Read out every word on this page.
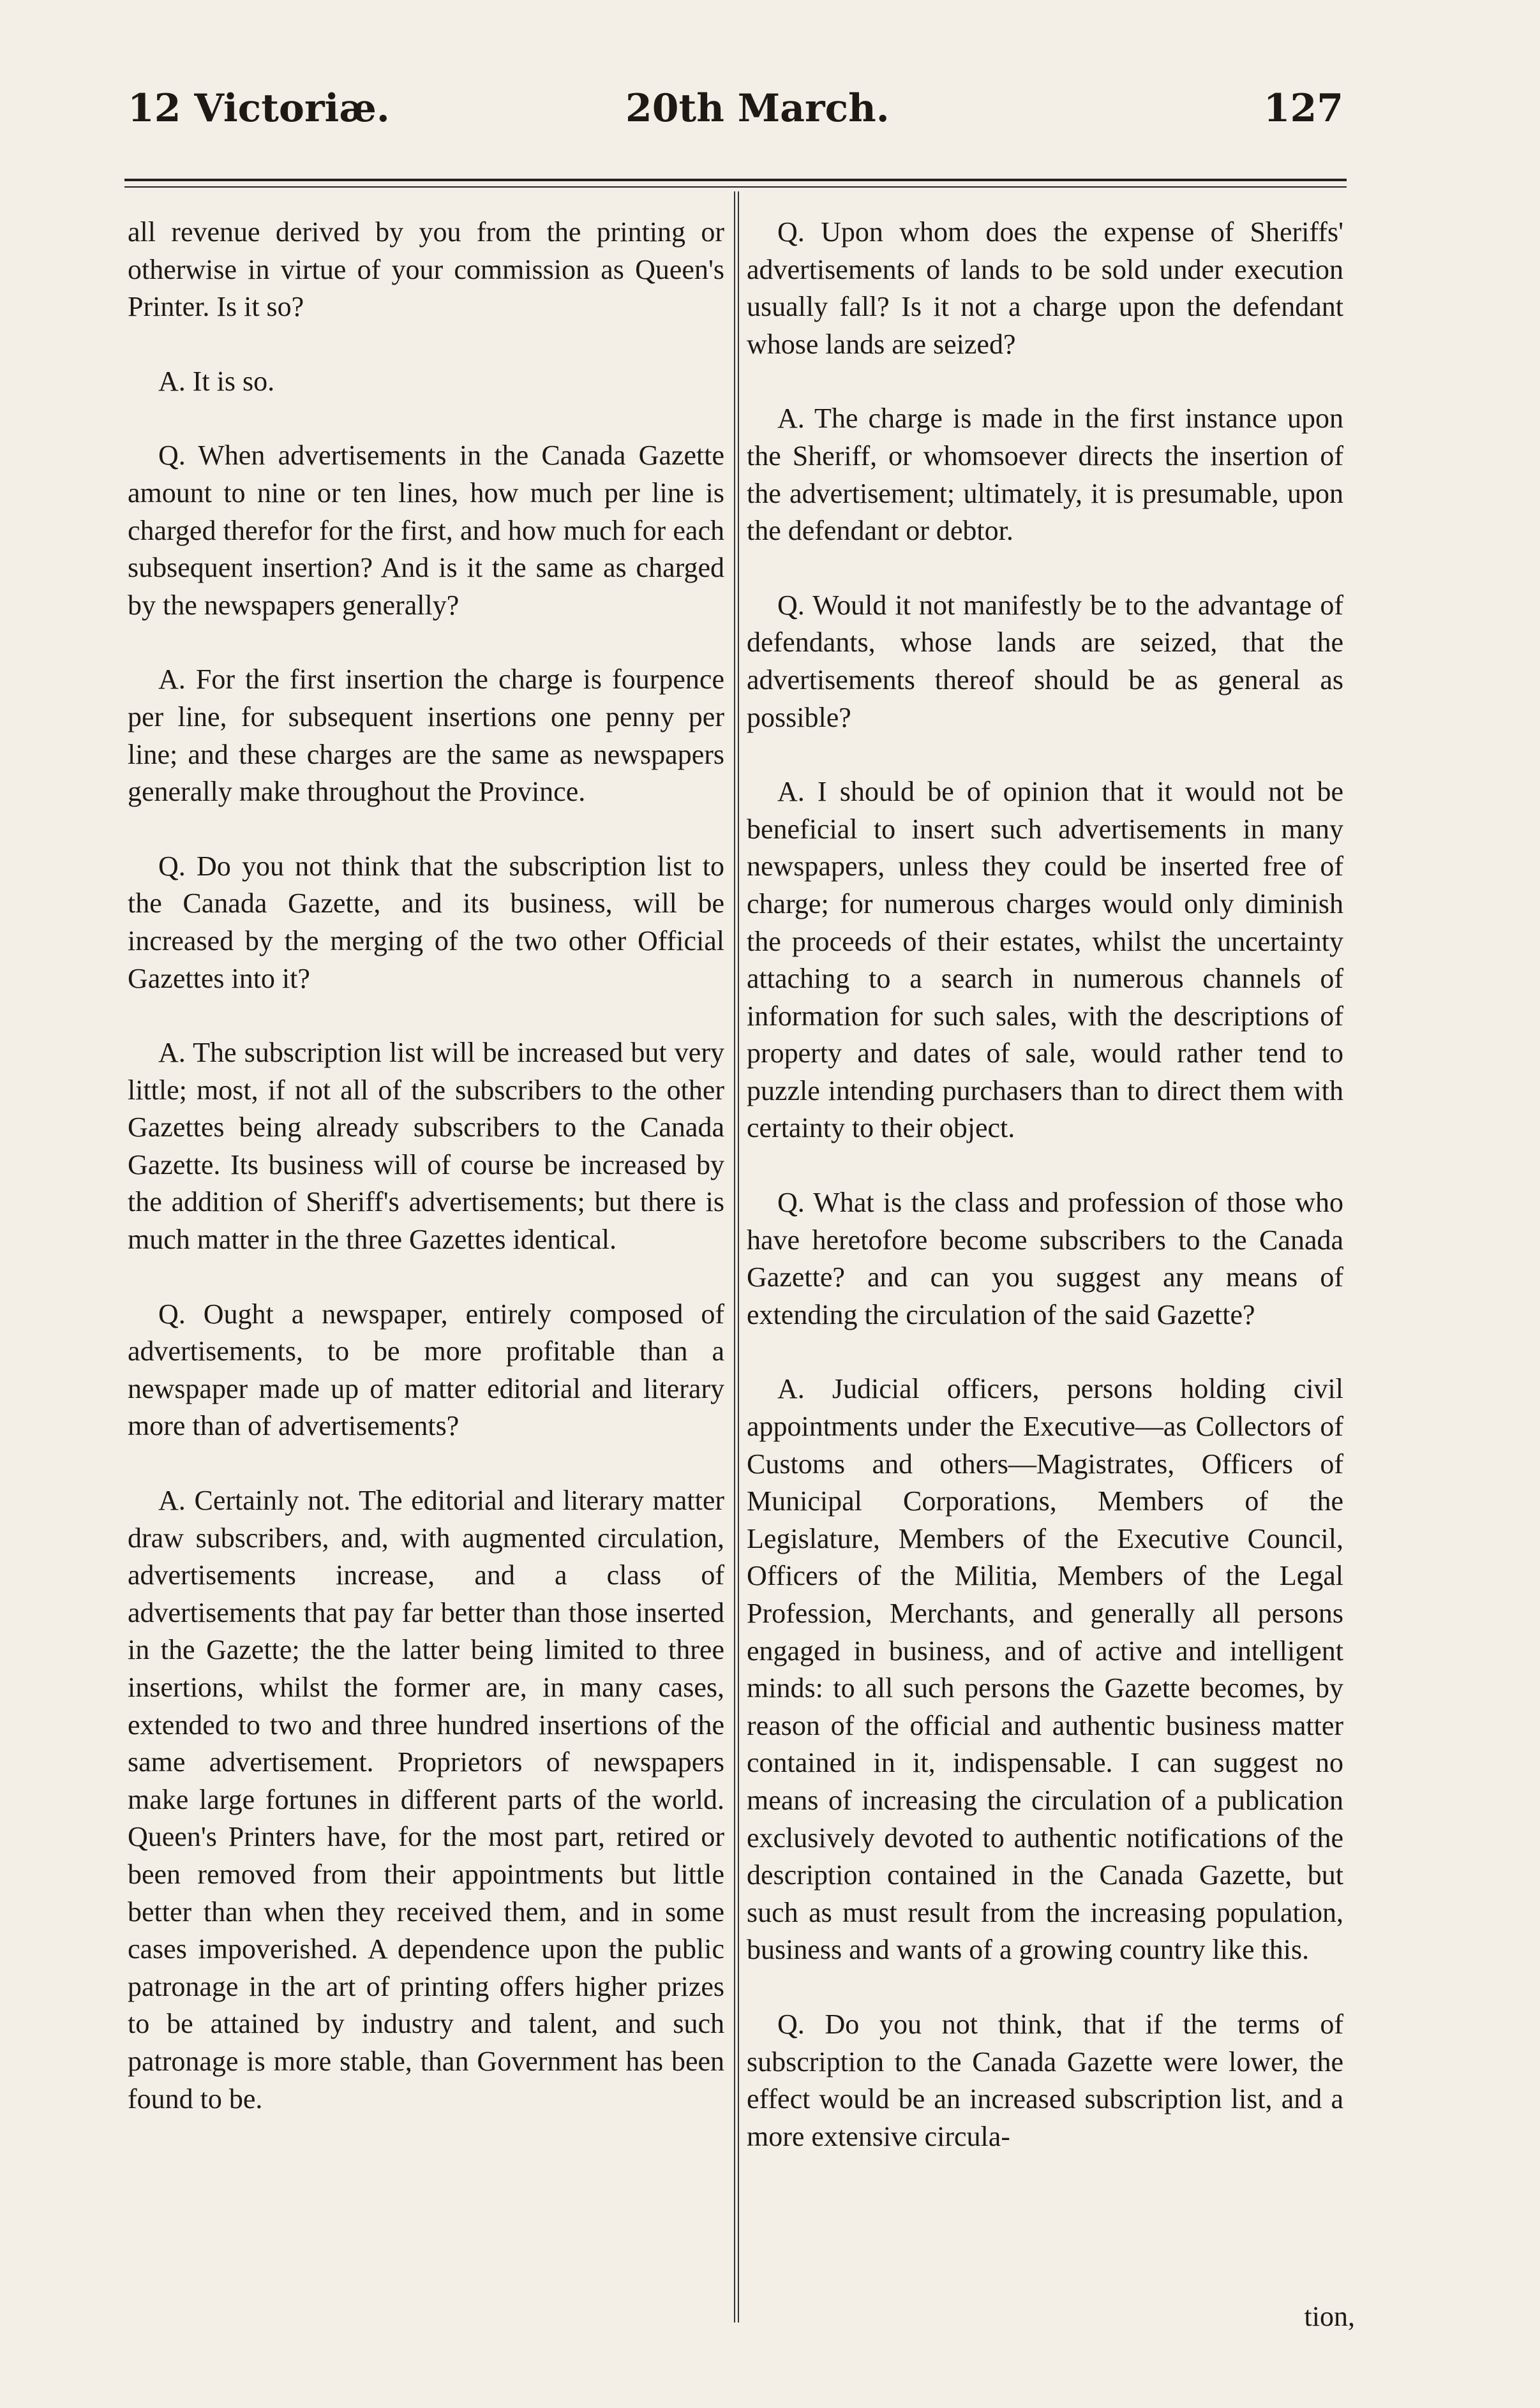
12 Victoriæ.	20th March.	127

all revenue derived by you from the printing or otherwise in virtue of your commission as Queen's Printer. Is it so?

A. It is so.

Q. When advertisements in the Canada Gazette amount to nine or ten lines, how much per line is charged therefor for the first, and how much for each subsequent insertion? And is it the same as charged by the newspapers generally?

A. For the first insertion the charge is fourpence per line, for subsequent insertions one penny per line; and these charges are the same as newspapers generally make throughout the Province.

Q. Do you not think that the subscription list to the Canada Gazette, and its business, will be increased by the merging of the two other Official Gazettes into it?

A. The subscription list will be increased but very little; most, if not all of the subscribers to the other Gazettes being already subscribers to the Canada Gazette. Its business will of course be increased by the addition of Sheriff's advertisements; but there is much matter in the three Gazettes identical.

Q. Ought a newspaper, entirely composed of advertisements, to be more profitable than a newspaper made up of matter editorial and literary more than of advertisements?

A. Certainly not. The editorial and literary matter draw subscribers, and, with augmented circulation, advertisements increase, and a class of advertisements that pay far better than those inserted in the Gazette; the the latter being limited to three insertions, whilst the former are, in many cases, extended to two and three hundred insertions of the same advertisement. Proprietors of newspapers make large fortunes in different parts of the world. Queen's Printers have, for the most part, retired or been removed from their appointments but little better than when they received them, and in some cases impoverished. A dependence upon the public patronage in the art of printing offers higher prizes to be attained by industry and talent, and such patronage is more stable, than Government has been found to be.

Q. Upon whom does the expense of Sheriffs' advertisements of lands to be sold under execution usually fall? Is it not a charge upon the defendant whose lands are seized?

A. The charge is made in the first instance upon the Sheriff, or whomsoever directs the insertion of the advertisement; ultimately, it is presumable, upon the defendant or debtor.

Q. Would it not manifestly be to the advantage of defendants, whose lands are seized, that the advertisements thereof should be as general as possible?

A. I should be of opinion that it would not be beneficial to insert such advertisements in many newspapers, unless they could be inserted free of charge; for numerous charges would only diminish the proceeds of their estates, whilst the uncertainty attaching to a search in numerous channels of information for such sales, with the descriptions of property and dates of sale, would rather tend to puzzle intending purchasers than to direct them with certainty to their object.

Q. What is the class and profession of those who have heretofore become subscribers to the Canada Gazette? and can you suggest any means of extending the circulation of the said Gazette?

A. Judicial officers, persons holding civil appointments under the Executive—as Collectors of Customs and others—Magistrates, Officers of Municipal Corporations, Members of the Legislature, Members of the Executive Council, Officers of the Militia, Members of the Legal Profession, Merchants, and generally all persons engaged in business, and of active and intelligent minds: to all such persons the Gazette becomes, by reason of the official and authentic business matter contained in it, indispensable. I can suggest no means of increasing the circulation of a publication exclusively devoted to authentic notifications of the description contained in the Canada Gazette, but such as must result from the increasing population, business and wants of a growing country like this.

Q. Do you not think, that if the terms of subscription to the Canada Gazette were lower, the effect would be an increased subscription list, and a more extensive circula-

tion,
